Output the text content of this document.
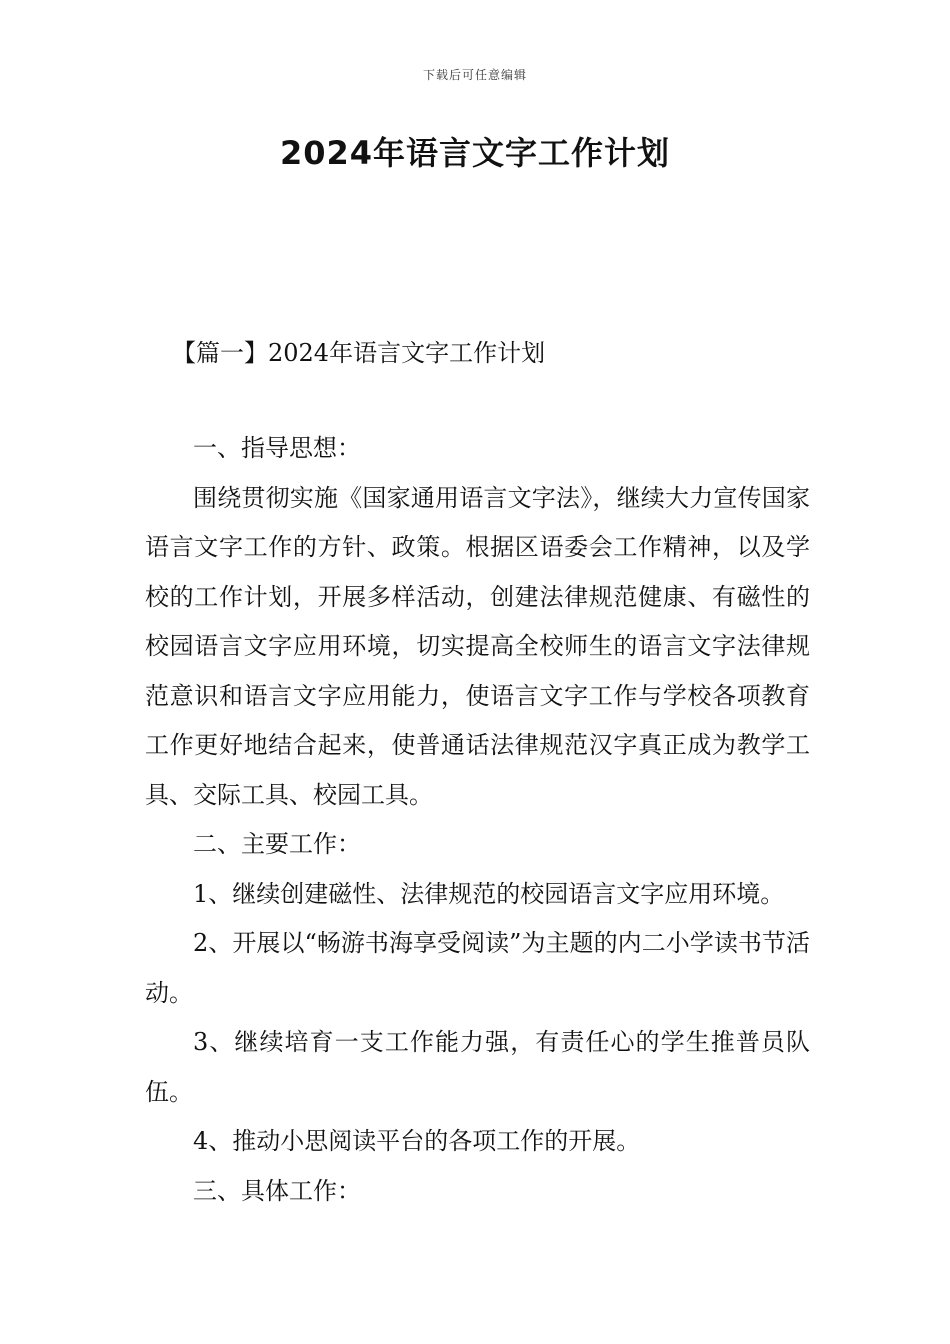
下载后可任意编辑
2024年语言文字工作计划
【篇一】2024年语言文字工作计划

一、指导思想：

围绕贯彻实施《国家通用语言文字法》，继续大力宣传国家语言文字工作的方针、政策。根据区语委会工作精神，以及学校的工作计划，开展多样活动，创建法律规范健康、有磁性的校园语言文字应用环境，切实提高全校师生的语言文字法律规范意识和语言文字应用能力，使语言文字工作与学校各项教育工作更好地结合起来，使普通话法律规范汉字真正成为教学工具、交际工具、校园工具。

二、主要工作：

1、继续创建磁性、法律规范的校园语言文字应用环境。

2、开展以“畅游书海享受阅读”为主题的内二小学读书节活动。

3、继续培育一支工作能力强，有责任心的学生推普员队伍。

4、推动小思阅读平台的各项工作的开展。

三、具体工作：
